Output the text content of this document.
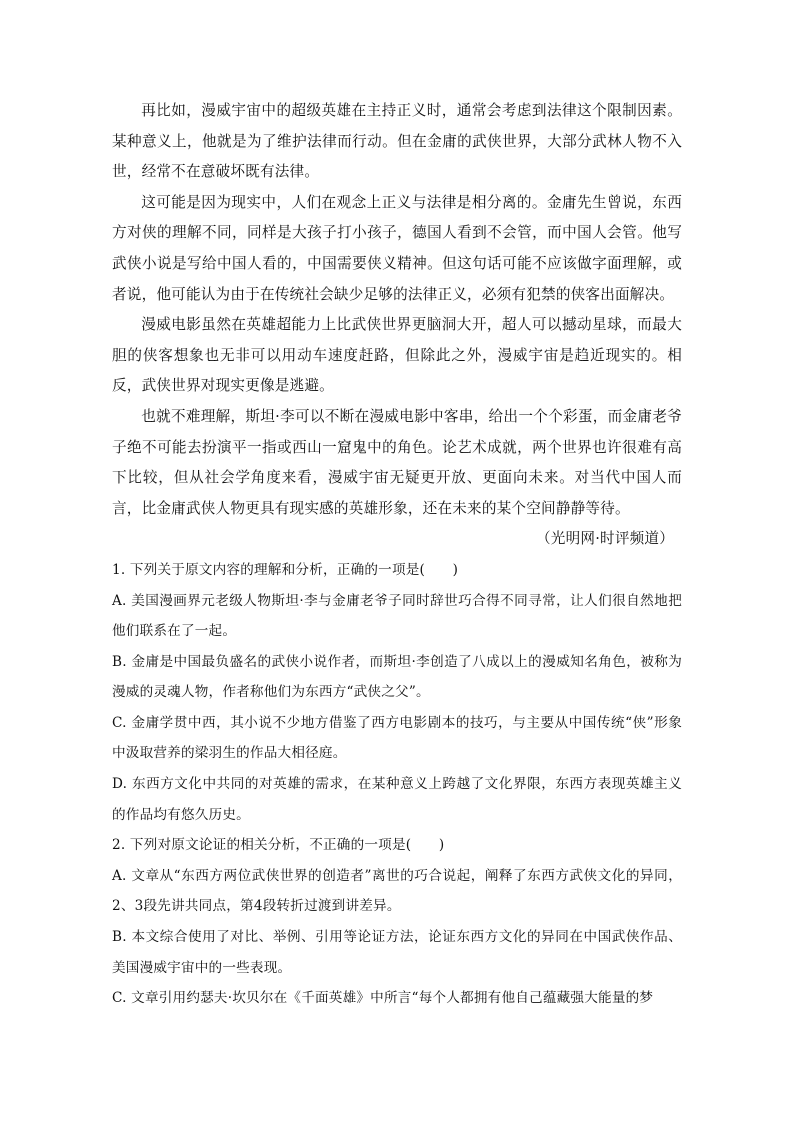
再比如，漫威宇宙中的超级英雄在主持正义时，通常会考虑到法律这个限制因素。某种意义上，他就是为了维护法律而行动。但在金庸的武侠世界，大部分武林人物不入世，经常不在意破坏既有法律。

这可能是因为现实中，人们在观念上正义与法律是相分离的。金庸先生曾说，东西方对侠的理解不同，同样是大孩子打小孩子，德国人看到不会管，而中国人会管。他写武侠小说是写给中国人看的，中国需要侠义精神。但这句话可能不应该做字面理解，或者说，他可能认为由于在传统社会缺少足够的法律正义，必须有犯禁的侠客出面解决。

漫威电影虽然在英雄超能力上比武侠世界更脑洞大开，超人可以撼动星球，而最大胆的侠客想象也无非可以用动车速度赶路，但除此之外，漫威宇宙是趋近现实的。相反，武侠世界对现实更像是逃避。

也就不难理解，斯坦·李可以不断在漫威电影中客串，给出一个个彩蛋，而金庸老爷子绝不可能去扮演平一指或西山一窟鬼中的角色。论艺术成就，两个世界也许很难有高下比较，但从社会学角度来看，漫威宇宙无疑更开放、更面向未来。对当代中国人而言，比金庸武侠人物更具有现实感的英雄形象，还在未来的某个空间静静等待。

（光明网·时评频道）

1. 下列关于原文内容的理解和分析，正确的一项是(　　)

A. 美国漫画界元老级人物斯坦·李与金庸老爷子同时辞世巧合得不同寻常，让人们很自然地把他们联系在了一起。

B. 金庸是中国最负盛名的武侠小说作者，而斯坦·李创造了八成以上的漫威知名角色，被称为漫威的灵魂人物，作者称他们为东西方“武侠之父”。

C. 金庸学贯中西，其小说不少地方借鉴了西方电影剧本的技巧，与主要从中国传统“侠”形象中汲取营养的梁羽生的作品大相径庭。

D. 东西方文化中共同的对英雄的需求，在某种意义上跨越了文化界限，东西方表现英雄主义的作品均有悠久历史。

2. 下列对原文论证的相关分析，不正确的一项是(　　)

A. 文章从“东西方两位武侠世界的创造者”离世的巧合说起，阐释了东西方武侠文化的异同，2、3段先讲共同点，第4段转折过渡到讲差异。

B. 本文综合使用了对比、举例、引用等论证方法，论证东西方文化的异同在中国武侠作品、美国漫威宇宙中的一些表现。

C. 文章引用约瑟夫·坎贝尔在《千面英雄》中所言“每个人都拥有他自己蕴藏强大能量的梦
